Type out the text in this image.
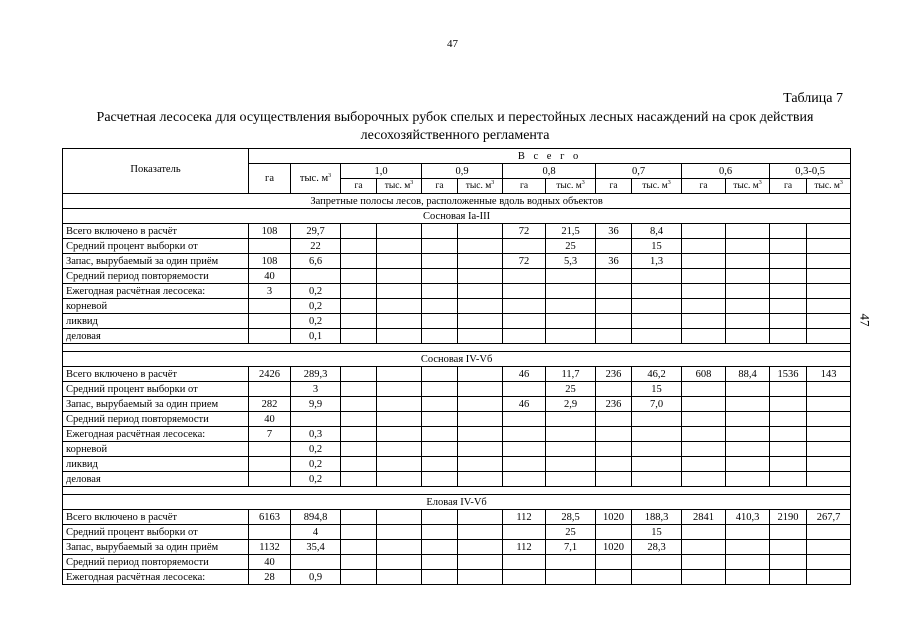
47
47
Таблица 7
Расчетная лесосека для осуществления выборочных рубок спелых и перестойных лесных насаждений на срок действия лесохозяйственного регламента
Показатель	В с е г о													
	га	тыс. $м^3$	1,0		0,9		0,8		0,7		0,6		0,3-0,5	
			га	тыс. $м^3$	га	тыс. $м^3$	га	тыс. $м^3$	га	тыс. $м^3$	га	тыс. $м^3$	га	тыс. $м^3$
Запретные полосы лесов, расположенные вдоль водных объектов														
Сосновая Ia-III														
Всего включено в расчёт	108	29,7					72	21,5	36	8,4				
Средний процент выборки от		22						25		15				
Запас, вырубаемый за один приём	108	6,6					72	5,3	36	1,3				
Средний период повторяемости	40													
Ежегодная расчётная лесосека:	3	0,2												
корневой		0,2												
ликвид		0,2												
деловая		0,1												

Сосновая IV-Vб														
Всего включено в расчёт	2426	289,3					46	11,7	236	46,2	608	88,4	1536	143
Средний процент выборки от		3						25		15				
Запас, вырубаемый за один прием	282	9,9					46	2,9	236	7,0				
Средний период повторяемости	40													
Ежегодная расчётная лесосека:	7	0,3												
корневой		0,2												
ликвид		0,2												
деловая		0,2												

Еловая IV-Vб														
Всего включено в расчёт	6163	894,8					112	28,5	1020	188,3	2841	410,3	2190	267,7
Средний процент выборки от		4						25		15				
Запас, вырубаемый за один приём	1132	35,4					112	7,1	1020	28,3				
Средний период повторяемости	40													
Ежегодная расчётная лесосека:	28	0,9												
